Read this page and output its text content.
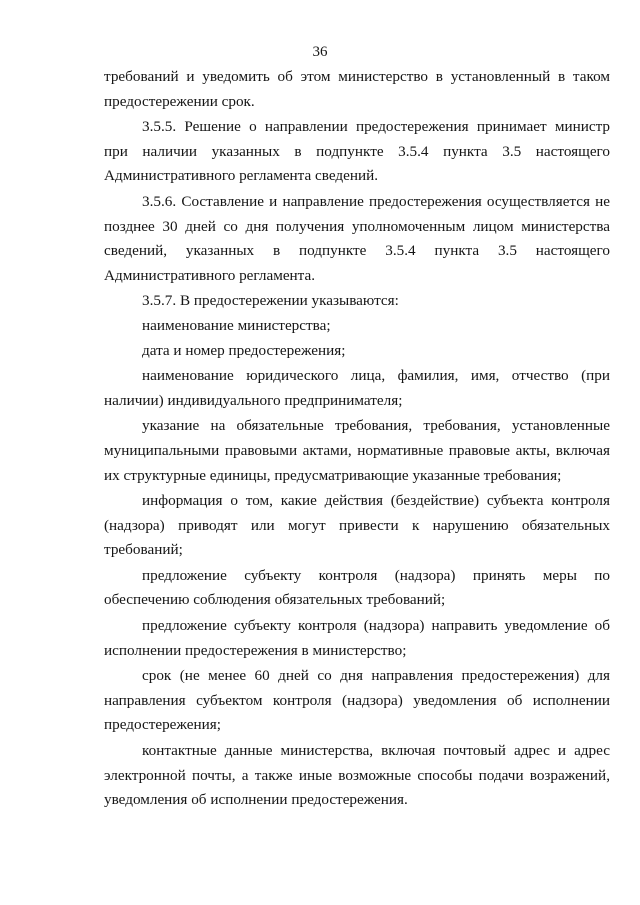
36

требований и уведомить об этом министерство в установленный в таком предостережении срок.

3.5.5. Решение о направлении предостережения принимает министр при наличии указанных в подпункте 3.5.4 пункта 3.5 настоящего Административного регламента сведений.

3.5.6. Составление и направление предостережения осуществляется не позднее 30 дней со дня получения уполномоченным лицом министерства сведений, указанных в подпункте 3.5.4 пункта 3.5 настоящего Административного регламента.

3.5.7. В предостережении указываются:

наименование министерства;

дата и номер предостережения;

наименование юридического лица, фамилия, имя, отчество (при наличии) индивидуального предпринимателя;

указание на обязательные требования, требования, установленные муниципальными правовыми актами, нормативные правовые акты, включая их структурные единицы, предусматривающие указанные требования;

информация о том, какие действия (бездействие) субъекта контроля (надзора) приводят или могут привести к нарушению обязательных требований;

предложение субъекту контроля (надзора) принять меры по обеспечению соблюдения обязательных требований;

предложение субъекту контроля (надзора) направить уведомление об исполнении предостережения в министерство;

срок (не менее 60 дней со дня направления предостережения) для направления субъектом контроля (надзора) уведомления об исполнении предостережения;

контактные данные министерства, включая почтовый адрес и адрес электронной почты, а также иные возможные способы подачи возражений, уведомления об исполнении предостережения.
